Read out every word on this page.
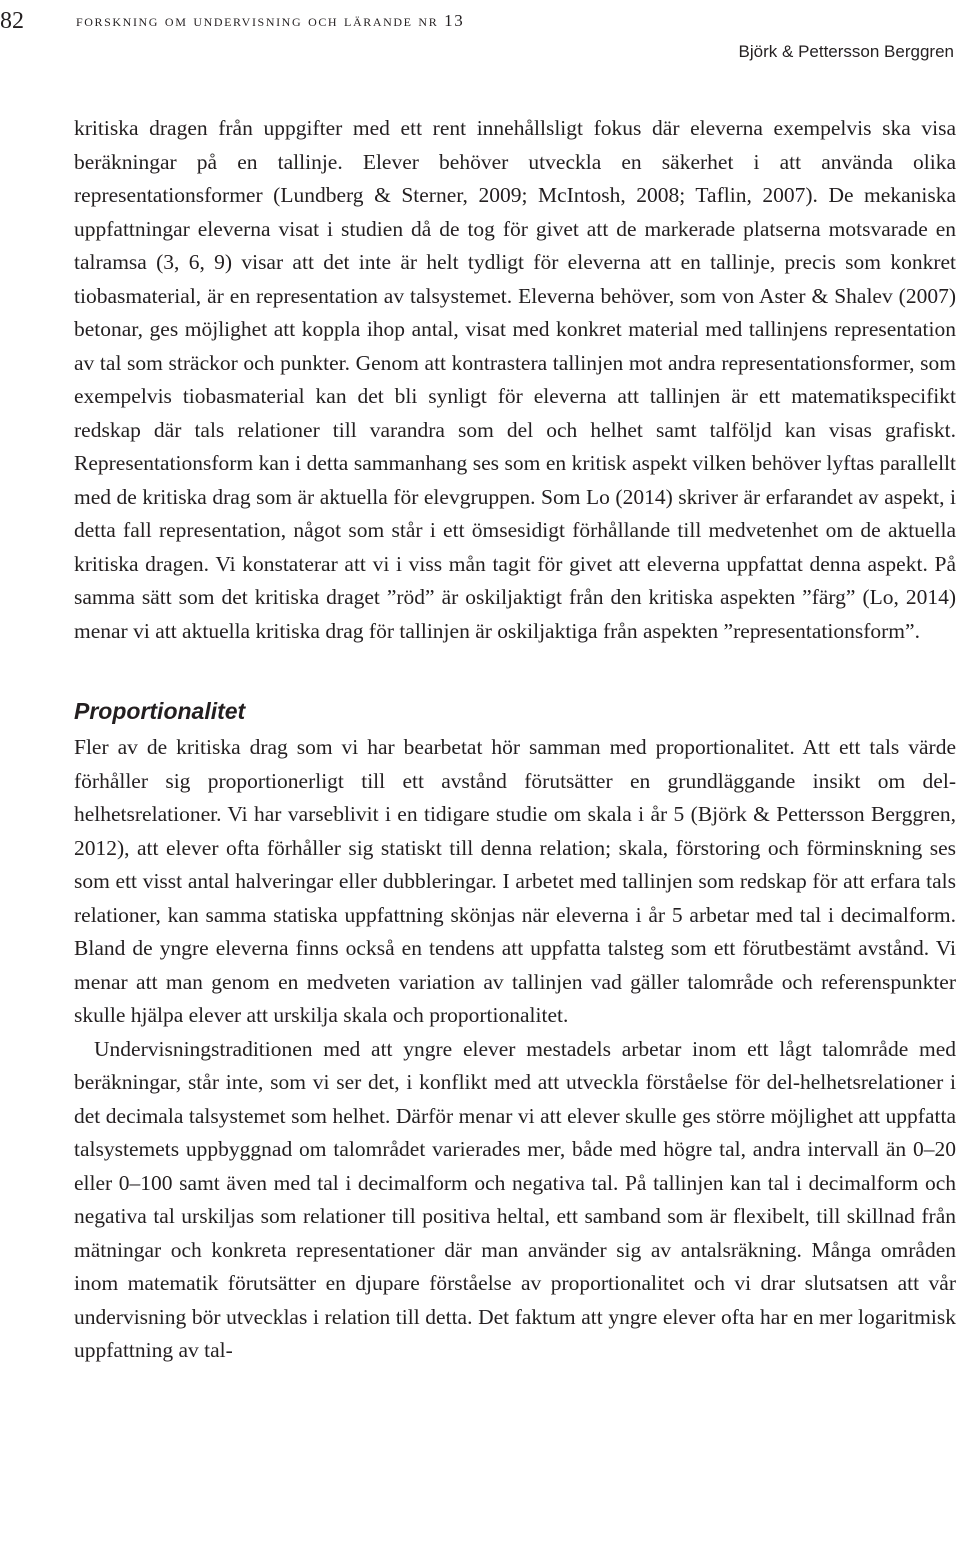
82	forskning om undervisning och lärande nr 13
Björk & Pettersson Berggren

kritiska dragen från uppgifter med ett rent innehållsligt fokus där eleverna exempelvis ska visa beräkningar på en tallinje. Elever behöver utveckla en säkerhet i att använda olika representationsformer (Lundberg & Sterner, 2009; McIntosh, 2008; Taflin, 2007). De mekaniska uppfattningar eleverna visat i studien då de tog för givet att de markerade platserna motsvarade en talramsa (3, 6, 9) visar att det inte är helt tydligt för eleverna att en tallinje, precis som konkret tiobasmaterial, är en representation av talsystemet. Eleverna behöver, som von Aster & Shalev (2007) betonar, ges möjlighet att koppla ihop antal, visat med konkret material med tallinjens representation av tal som sträckor och punkter. Genom att kontrastera tallinjen mot andra representationsformer, som exempelvis tiobasmaterial kan det bli synligt för eleverna att tallinjen är ett matematikspecifikt redskap där tals relationer till varandra som del och helhet samt talföljd kan visas grafiskt. Representationsform kan i detta sammanhang ses som en kritisk aspekt vilken behöver lyftas parallellt med de kritiska drag som är aktuella för elevgruppen. Som Lo (2014) skriver är erfarandet av aspekt, i detta fall representation, något som står i ett ömsesidigt förhållande till medvetenhet om de aktuella kritiska dragen. Vi konstaterar att vi i viss mån tagit för givet att eleverna uppfattat denna aspekt. På samma sätt som det kritiska draget ”röd” är oskiljaktigt från den kritiska aspekten ”färg” (Lo, 2014) menar vi att aktuella kritiska drag för tallinjen är oskiljaktiga från aspekten ”representationsform”.

Proportionalitet

Fler av de kritiska drag som vi har bearbetat hör samman med proportionalitet. Att ett tals värde förhåller sig proportionerligt till ett avstånd förutsätter en grundläggande insikt om del-helhetsrelationer. Vi har varseblivit i en tidigare studie om skala i år 5 (Björk & Pettersson Berggren, 2012), att elever ofta förhåller sig statiskt till denna relation; skala, förstoring och förminskning ses som ett visst antal halveringar eller dubbleringar. I arbetet med tallinjen som redskap för att erfara tals relationer, kan samma statiska uppfattning skönjas när eleverna i år 5 arbetar med tal i decimalform. Bland de yngre eleverna finns också en tendens att uppfatta talsteg som ett förutbestämt avstånd. Vi menar att man genom en medveten variation av tallinjen vad gäller talområde och referenspunkter skulle hjälpa elever att urskilja skala och proportionalitet.

Undervisningstraditionen med att yngre elever mestadels arbetar inom ett lågt talområde med beräkningar, står inte, som vi ser det, i konflikt med att utveckla förståelse för del-helhetsrelationer i det decimala talsystemet som helhet. Därför menar vi att elever skulle ges större möjlighet att uppfatta talsystemets uppbyggnad om talområdet varierades mer, både med högre tal, andra intervall än 0–20 eller 0–100 samt även med tal i decimalform och negativa tal. På tallinjen kan tal i decimalform och negativa tal urskiljas som relationer till positiva heltal, ett samband som är flexibelt, till skillnad från mätningar och konkreta representationer där man använder sig av antalsräkning. Många områden inom matematik förutsätter en djupare förståelse av proportionalitet och vi drar slutsatsen att vår undervisning bör utvecklas i relation till detta. Det faktum att yngre elever ofta har en mer logaritmisk uppfattning av tal-
